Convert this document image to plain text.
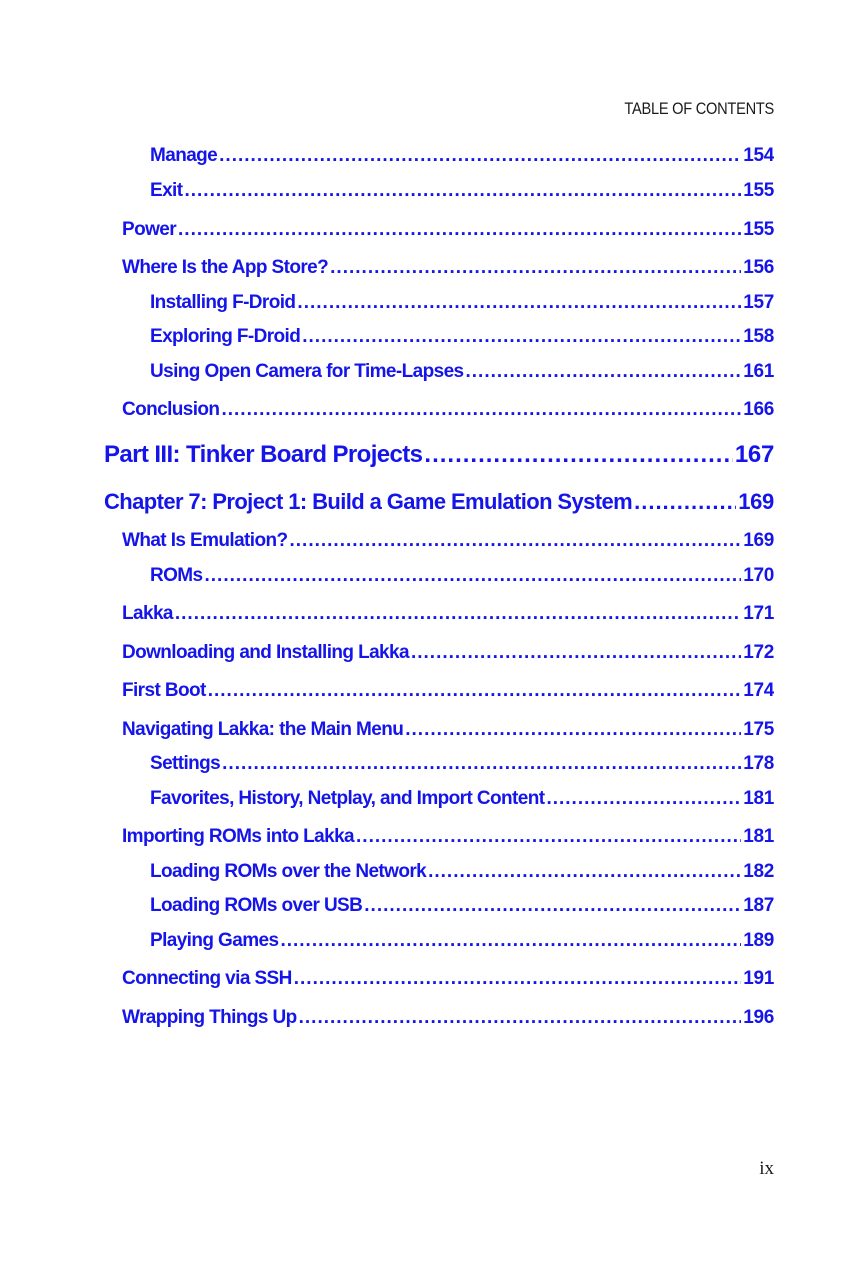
TABLE OF CONTENTS
Manage .....	154
Exit .....	155
Power .....	155
Where Is the App Store? .....	156
Installing F-Droid .....	157
Exploring F-Droid .....	158
Using Open Camera for Time-Lapses .....	161
Conclusion .....	166
Part III: Tinker Board Projects .....	167
Chapter 7: Project 1: Build a Game Emulation System .....	169
What Is Emulation? .....	169
ROMs .....	170
Lakka .....	171
Downloading and Installing Lakka .....	172
First Boot .....	174
Navigating Lakka: the Main Menu .....	175
Settings .....	178
Favorites, History, Netplay, and Import Content .....	181
Importing ROMs into Lakka .....	181
Loading ROMs over the Network .....	182
Loading ROMs over USB .....	187
Playing Games .....	189
Connecting via SSH .....	191
Wrapping Things Up .....	196
ix
